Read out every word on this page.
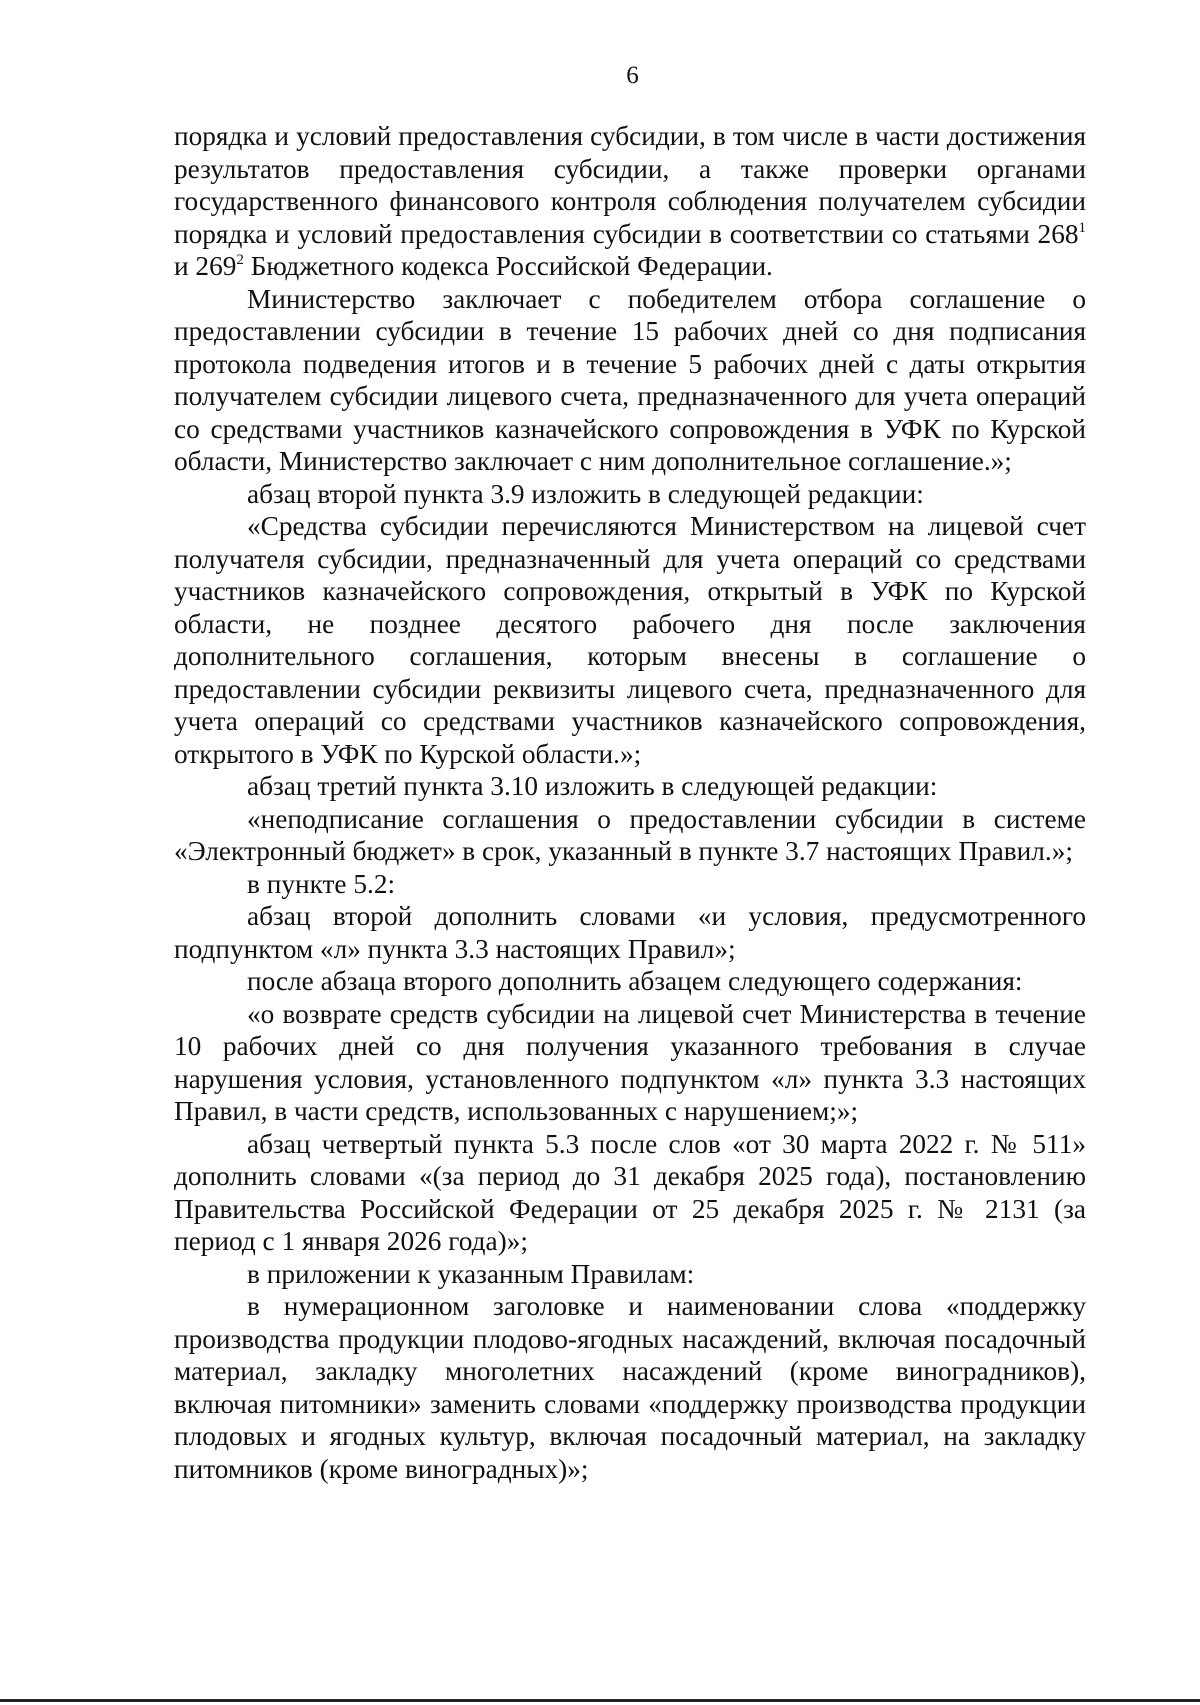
6

порядка и условий предоставления субсидии, в том числе в части достижения результатов предоставления субсидии, а также проверки органами государственного финансового контроля соблюдения получателем субсидии порядка и условий предоставления субсидии в соответствии со статьями $268^1$ и $269^2$ Бюджетного кодекса Российской Федерации.

Министерство заключает с победителем отбора соглашение о предоставлении субсидии в течение 15 рабочих дней со дня подписания протокола подведения итогов и в течение 5 рабочих дней с даты открытия получателем субсидии лицевого счета, предназначенного для учета операций со средствами участников казначейского сопровождения в УФК по Курской области, Министерство заключает с ним дополнительное соглашение.»;

абзац второй пункта 3.9 изложить в следующей редакции:

«Средства субсидии перечисляются Министерством на лицевой счет получателя субсидии, предназначенный для учета операций со средствами участников казначейского сопровождения, открытый в УФК по Курской области, не позднее десятого рабочего дня после заключения дополнительного соглашения, которым внесены в соглашение о предоставлении субсидии реквизиты лицевого счета, предназначенного для учета операций со средствами участников казначейского сопровождения, открытого в УФК по Курской области.»;

абзац третий пункта 3.10 изложить в следующей редакции:

«неподписание соглашения о предоставлении субсидии в системе «Электронный бюджет» в срок, указанный в пункте 3.7 настоящих Правил.»;

в пункте 5.2:

абзац второй дополнить словами «и условия, предусмотренного подпунктом «л» пункта 3.3 настоящих Правил»;

после абзаца второго дополнить абзацем следующего содержания:

«о возврате средств субсидии на лицевой счет Министерства в течение 10 рабочих дней со дня получения указанного требования в случае нарушения условия, установленного подпунктом «л» пункта 3.3 настоящих Правил, в части средств, использованных с нарушением;»;

абзац четвертый пункта 5.3 после слов «от 30 марта 2022 г. № 511» дополнить словами «(за период до 31 декабря 2025 года), постановлению Правительства Российской Федерации от 25 декабря 2025 г. № 2131 (за период с 1 января 2026 года)»;

в приложении к указанным Правилам:

в нумерационном заголовке и наименовании слова «поддержку производства продукции плодово-ягодных насаждений, включая посадочный материал, закладку многолетних насаждений (кроме виноградников), включая питомники» заменить словами «поддержку производства продукции плодовых и ягодных культур, включая посадочный материал, на закладку питомников (кроме виноградных)»;
